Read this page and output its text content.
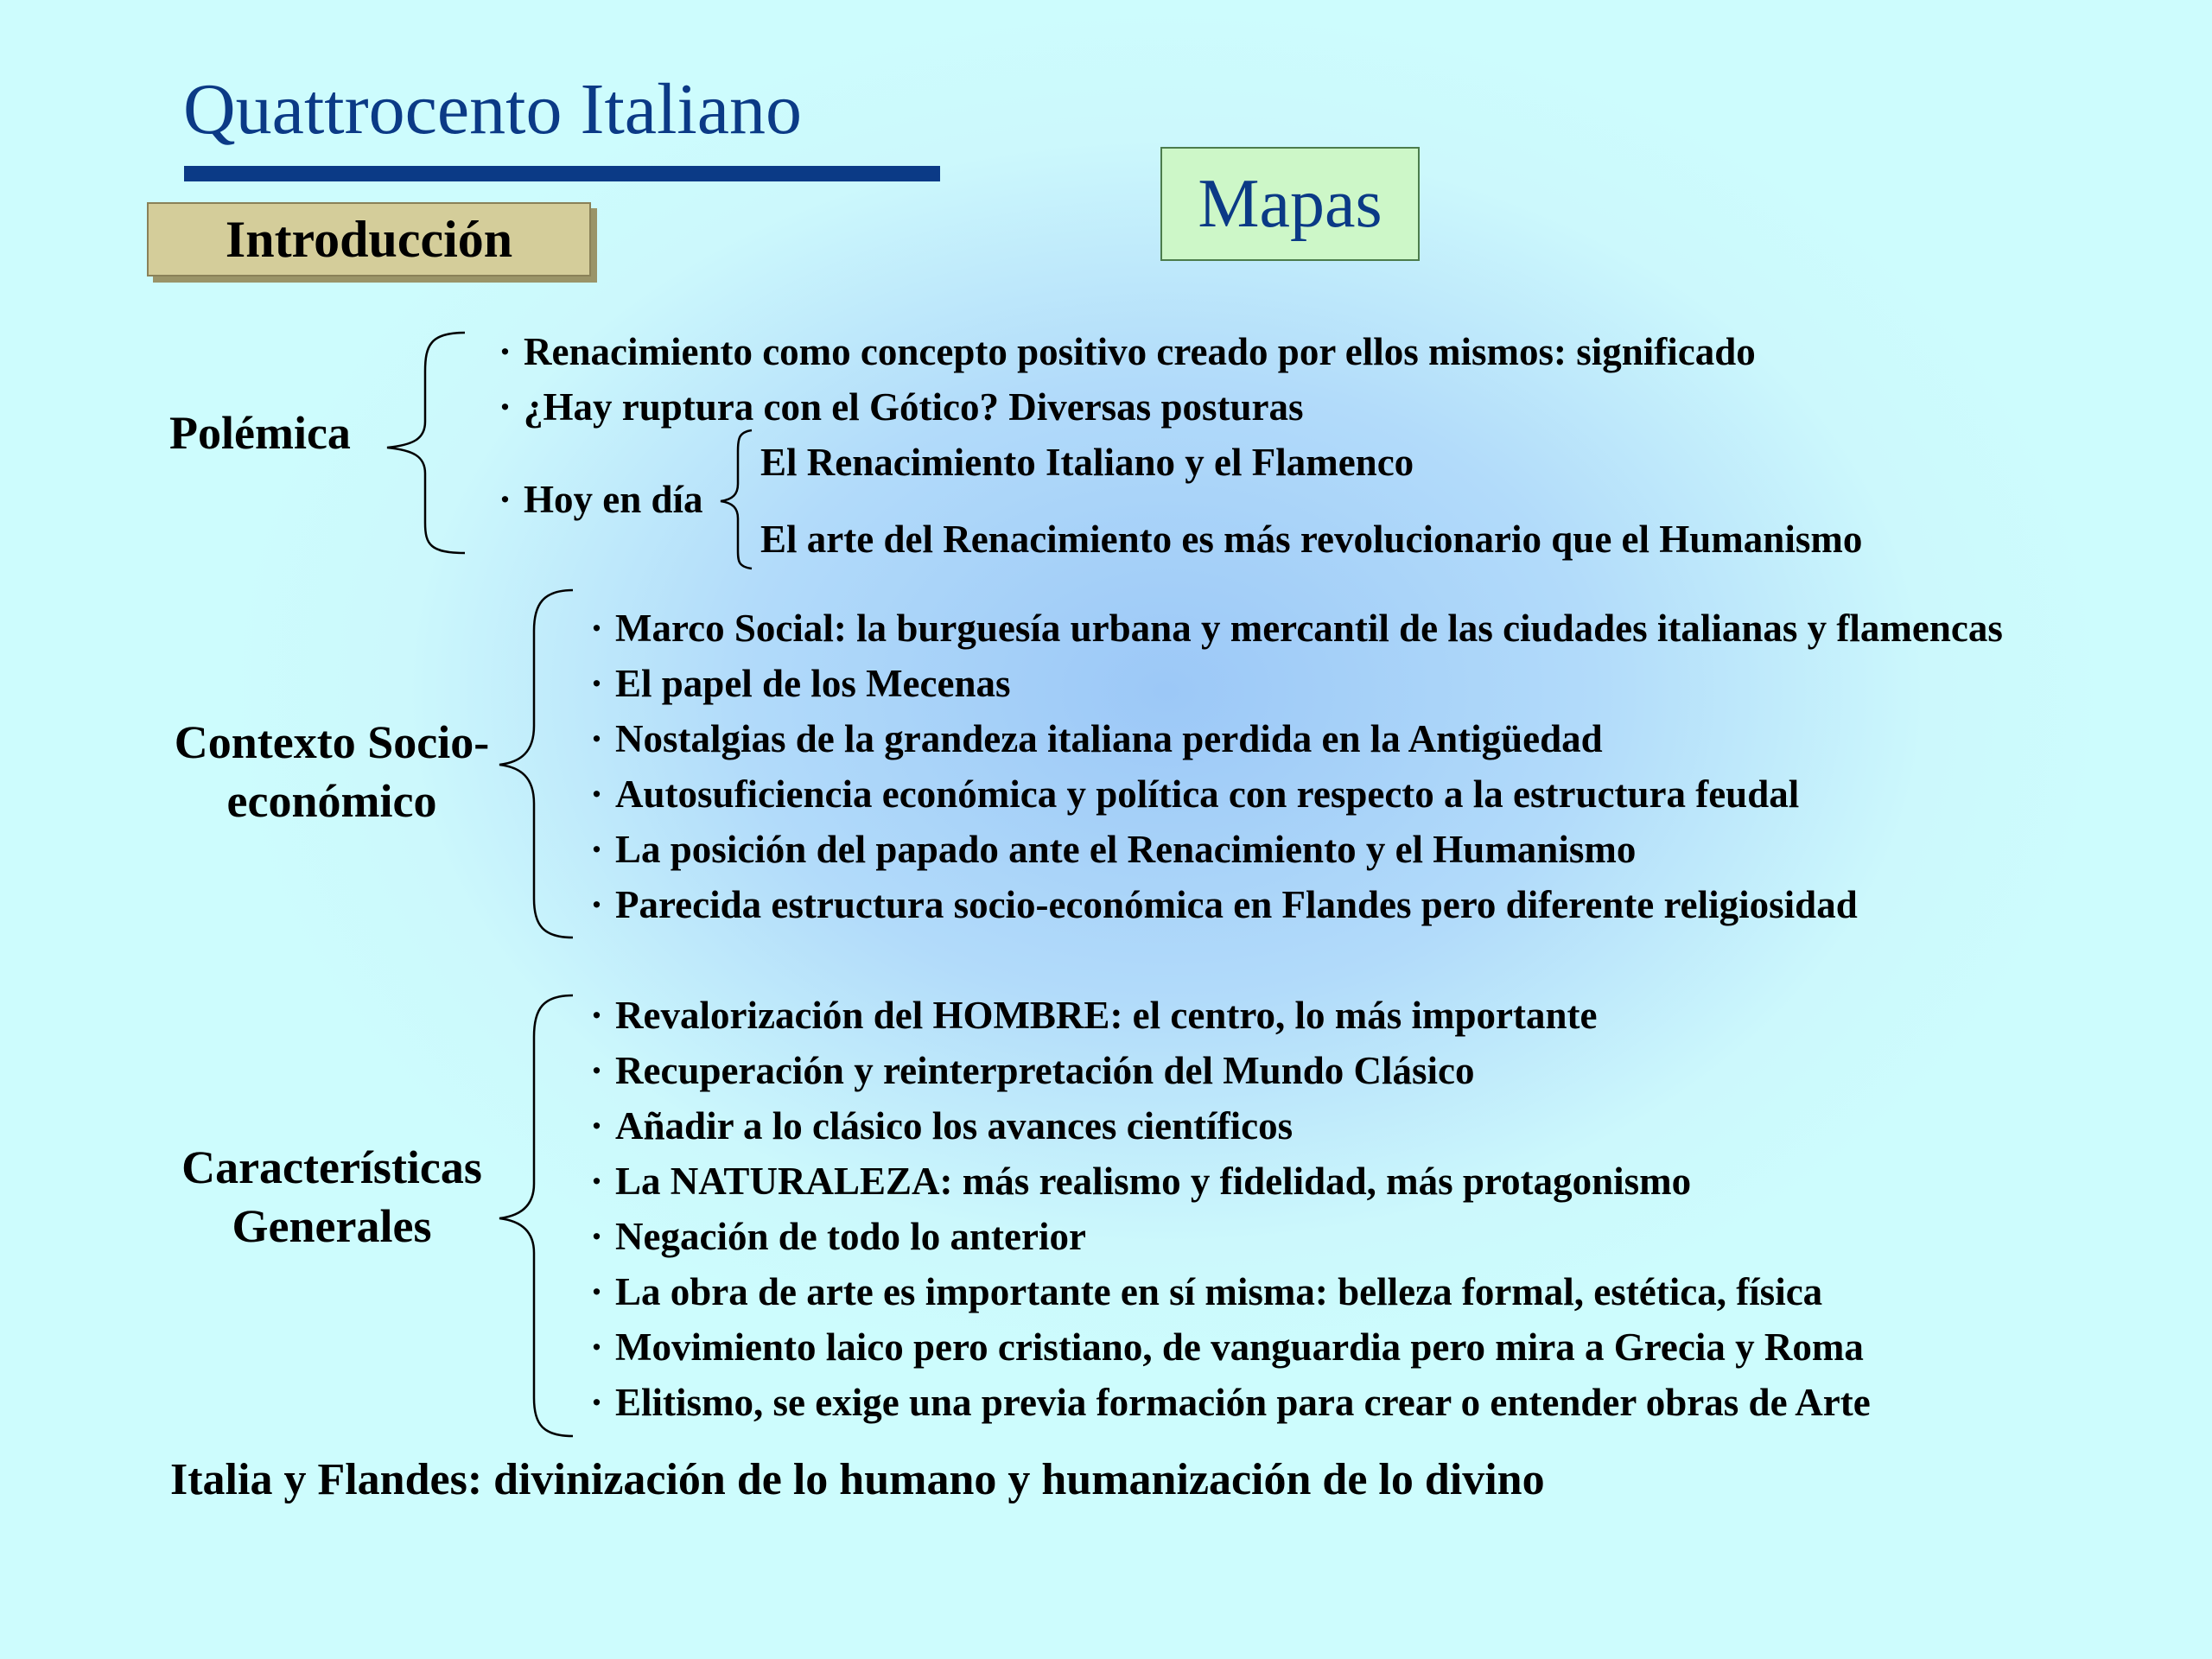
Quattrocento Italiano
Introducción	Mapas
Polémica
· Renacimiento como concepto positivo creado por ellos mismos: significado
· ¿Hay ruptura con el Gótico? Diversas posturas
· Hoy en día
El Renacimiento Italiano y el Flamenco
El arte del Renacimiento es más revolucionario que el Humanismo
Contexto Socio-
económico
· Marco Social: la burguesía urbana y mercantil de las ciudades italianas y flamencas
· El papel de los Mecenas
· Nostalgias de la grandeza italiana perdida en la Antigüedad
· Autosuficiencia económica y política con respecto a la estructura feudal
· La posición del papado ante el Renacimiento y el Humanismo
· Parecida estructura socio-económica en Flandes pero diferente religiosidad
Características
Generales
· Revalorización del HOMBRE: el centro, lo más importante
· Recuperación y reinterpretación del Mundo Clásico
· Añadir a lo clásico los avances científicos
· La NATURALEZA: más realismo y fidelidad, más protagonismo
· Negación de todo lo anterior
· La obra de arte es importante en sí misma: belleza formal, estética, física
· Movimiento laico pero cristiano, de vanguardia pero mira a Grecia y Roma
· Elitismo, se exige una previa formación para crear o entender obras de Arte
Italia y Flandes: divinización de lo humano y humanización de lo divino
